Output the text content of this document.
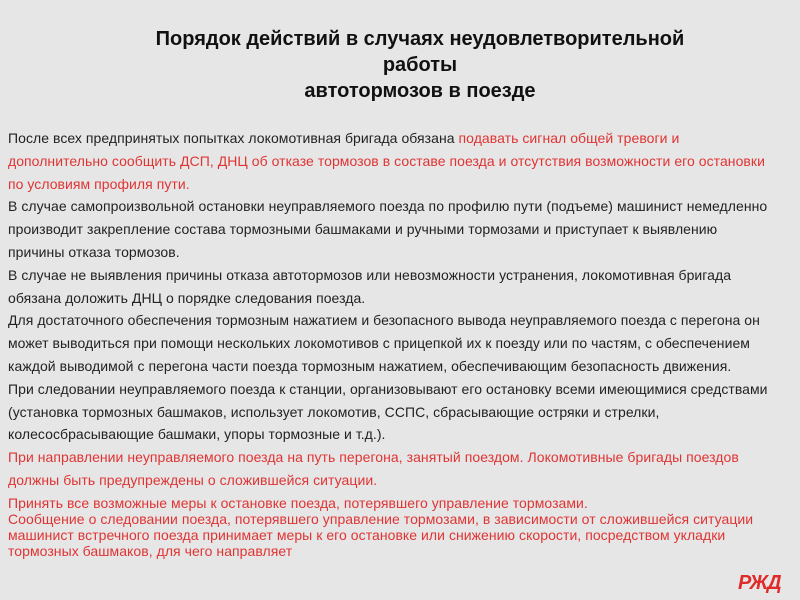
Порядок действий в случаях неудовлетворительной
работы
автотормозов в поезде

После всех предпринятых попытках локомотивная бригада обязана подавать сигнал общей тревоги и дополнительно сообщить ДСП, ДНЦ об отказе тормозов в составе поезда и отсутствия возможности его остановки по условиям профиля пути.

В случае самопроизвольной остановки неуправляемого поезда по профилю пути (подъеме) машинист немедленно производит закрепление состава тормозными башмаками и ручными тормозами и приступает к выявлению причины отказа тормозов.

В случае не выявления причины отказа автотормозов или невозможности устранения, локомотивная бригада обязана доложить ДНЦ о порядке следования поезда.

Для достаточного обеспечения тормозным нажатием и безопасного вывода неуправляемого поезда с перегона он может выводиться при помощи нескольких локомотивов с прицепкой их к поезду или по частям, с обеспечением каждой выводимой с перегона части поезда тормозным нажатием, обеспечивающим безопасность движения.

При следовании неуправляемого поезда к станции, организовывают его остановку всеми имеющимися средствами (установка тормозных башмаков, использует локомотив, ССПС, сбрасывающие остряки и стрелки, колесосбрасывающие башмаки, упоры тормозные и т.д.).

При направлении неуправляемого поезда на путь перегона, занятый поездом. Локомотивные бригады поездов должны быть предупреждены о сложившейся ситуации.

Принять все возможные меры к остановке поезда, потерявшего управление тормозами.

Сообщение о следовании поезда, потерявшего управление тормозами, в зависимости от сложившейся ситуации машинист встречного поезда принимает меры к его остановке или снижению скорости, посредством укладки тормозных башмаков, для чего направляет

РЖД
